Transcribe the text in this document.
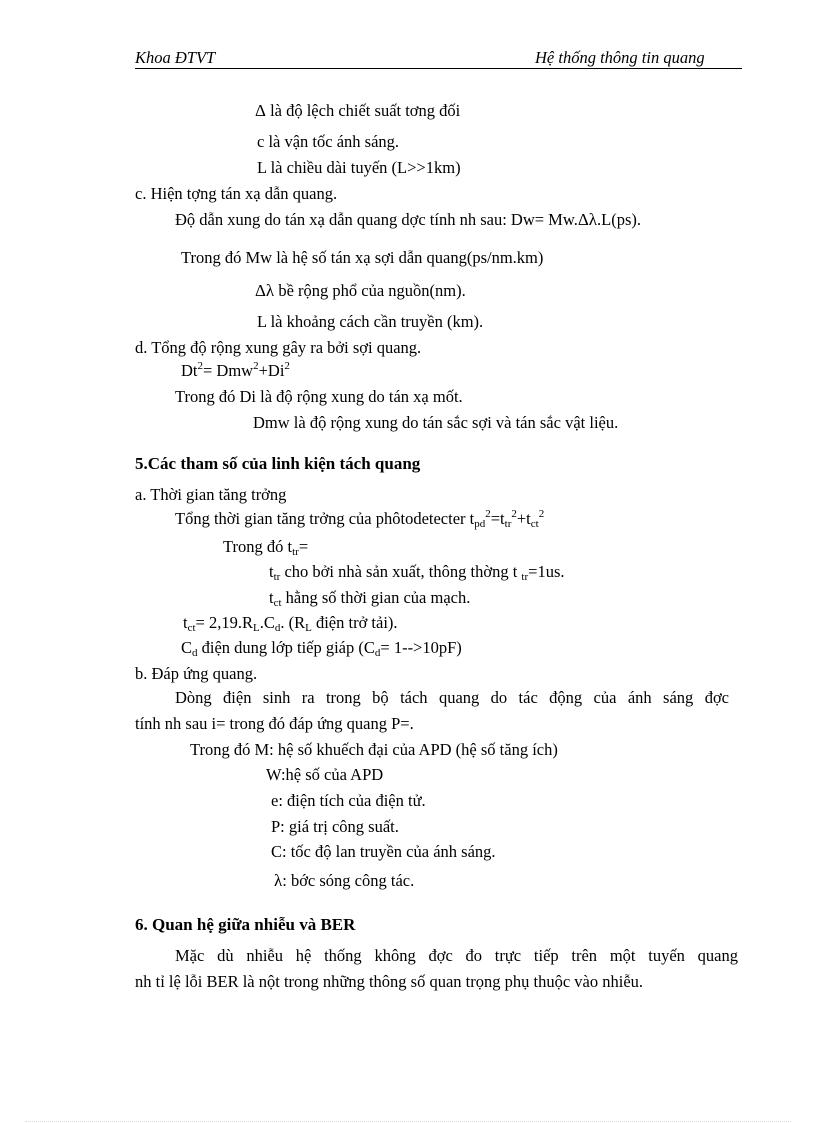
Khoa ĐTVT	Hệ thống thông tin quang
Δ là độ lệch chiết suất tơng đối
c là vận tốc ánh sáng.
L là chiều dài tuyến (L>>1km)
c. Hiện tợng tán xạ dẫn quang.
Độ dẫn xung do tán xạ dẫn quang dợc tính nh sau: Dw= Mw.Δλ.L(ps).
Trong đó Mw là hệ số tán xạ sợi dẫn quang(ps/nm.km)
Δλ bề rộng phổ của nguồn(nm).
L là khoảng cách cần truyền (km).
d. Tổng độ rộng xung gây ra bởi sợi quang.
$Dt^2= Dmw^2+Di^2$
Trong đó Di là độ rộng xung do tán xạ mốt.
Dmw là độ rộng xung do tán sắc sợi và tán sắc vật liệu.
5.Các tham số của linh kiện tách quang
a. Thời gian tăng trởng
Tổng thời gian tăng trởng của phôtodetecter $t_{pd}^2=t_{tr}^2+t_{ct}^2$
Trong đó $t_{tr}=$
$t_{tr}$ cho bởi nhà sản xuất, thông thờng t $_{tr}$=1us.
$t_{ct}$ hằng số thời gian của mạch.
$t_{ct}= 2,19.R_L.C_d$. ($R_L$ điện trở tải).
$C_d$ điện dung lớp tiếp giáp $(C_d= 1-->10pF)$
b. Đáp ứng quang.
Dòng điện sinh ra trong bộ tách quang do tác động của ánh sáng đợc
tính nh sau i= trong đó đáp ứng quang P=.
Trong đó M: hệ số khuếch đại của APD (hệ số tăng ích)
W:hệ số của APD
e: điện tích của điện tử.
P: giá trị công suất.
C: tốc độ lan truyền của ánh sáng.
λ: bớc sóng công tác.
6. Quan hệ giữa nhiễu và BER
Mặc dù nhiễu hệ thống không đợc đo trực tiếp trên một tuyến quang
nh tỉ lệ lỗi BER là nột trong những thông số quan trọng phụ thuộc vào nhiễu.
